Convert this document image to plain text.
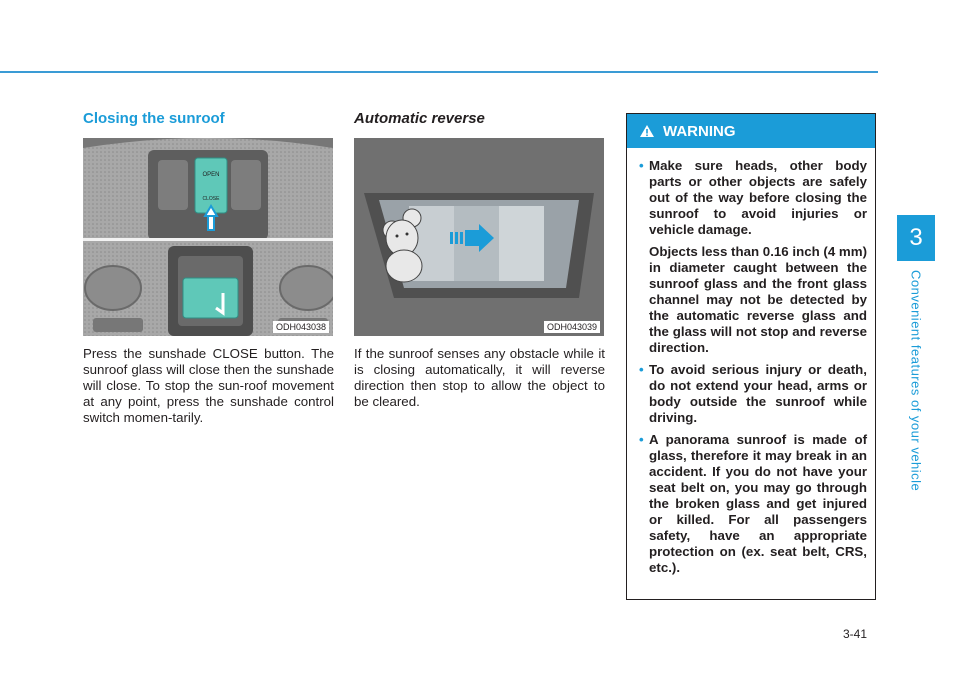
3
Convenient features of your vehicle
Closing the sunroof
OPEN
CLOSE
ODH043038
Press the sunshade CLOSE button. The sunroof glass will close then the sunshade will close. To stop the sun-roof movement at any point, press the sunshade control switch momen-tarily.
Automatic reverse
ODH043039
If the sunroof senses any obstacle while it is closing automatically, it will reverse direction then stop to allow the object to be cleared.
WARNING
• Make sure heads, other body parts or other objects are safely out of the way before closing the sunroof to avoid injuries or vehicle damage.

Objects less than 0.16 inch (4 mm) in diameter caught between the sunroof glass and the front glass channel may not be detected by the automatic reverse glass and the glass will not stop and reverse direction.

• To avoid serious injury or death, do not extend your head, arms or body outside the sunroof while driving.

• A panorama sunroof is made of glass, therefore it may break in an accident. If you do not have your seat belt on, you may go through the broken glass and get injured or killed. For all passengers safety, have an appropriate protection on (ex. seat belt, CRS, etc.).

3-41
